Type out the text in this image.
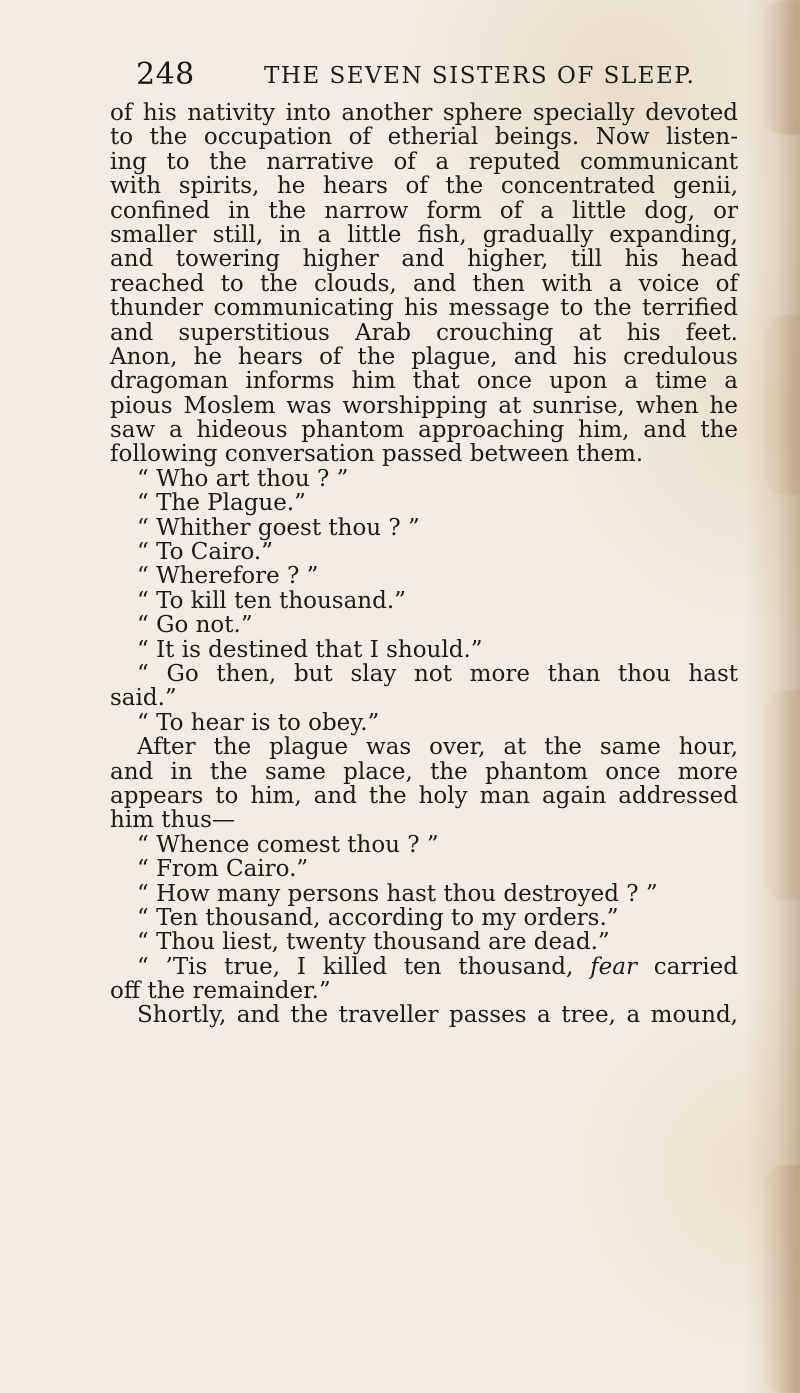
248	THE SEVEN SISTERS OF SLEEP.
of his nativity into another sphere specially devoted
to the occupation of etherial beings. Now listen-
ing to the narrative of a reputed communicant
with spirits, he hears of the concentrated genii,
confined in the narrow form of a little dog, or
smaller still, in a little fish, gradually expanding,
and towering higher and higher, till his head
reached to the clouds, and then with a voice of
thunder communicating his message to the terrified
and superstitious Arab crouching at his feet.
Anon, he hears of the plague, and his credulous
dragoman informs him that once upon a time a
pious Moslem was worshipping at sunrise, when he
saw a hideous phantom approaching him, and the
following conversation passed between them.
“ Who art thou ? ”
“ The Plague.”
“ Whither goest thou ? ”
“ To Cairo.”
“ Wherefore ? ”
“ To kill ten thousand.”
“ Go not.”
“ It is destined that I should.”
“ Go then, but slay not more than thou hast
said.”
“ To hear is to obey.”
After the plague was over, at the same hour,
and in the same place, the phantom once more
appears to him, and the holy man again addressed
him thus—
“ Whence comest thou ? ”
“ From Cairo.”
“ How many persons hast thou destroyed ? ”
“ Ten thousand, according to my orders.”
“ Thou liest, twenty thousand are dead.”
“ ’Tis true, I killed ten thousand, fear carried
off the remainder.”
Shortly, and the traveller passes a tree, a mound,
